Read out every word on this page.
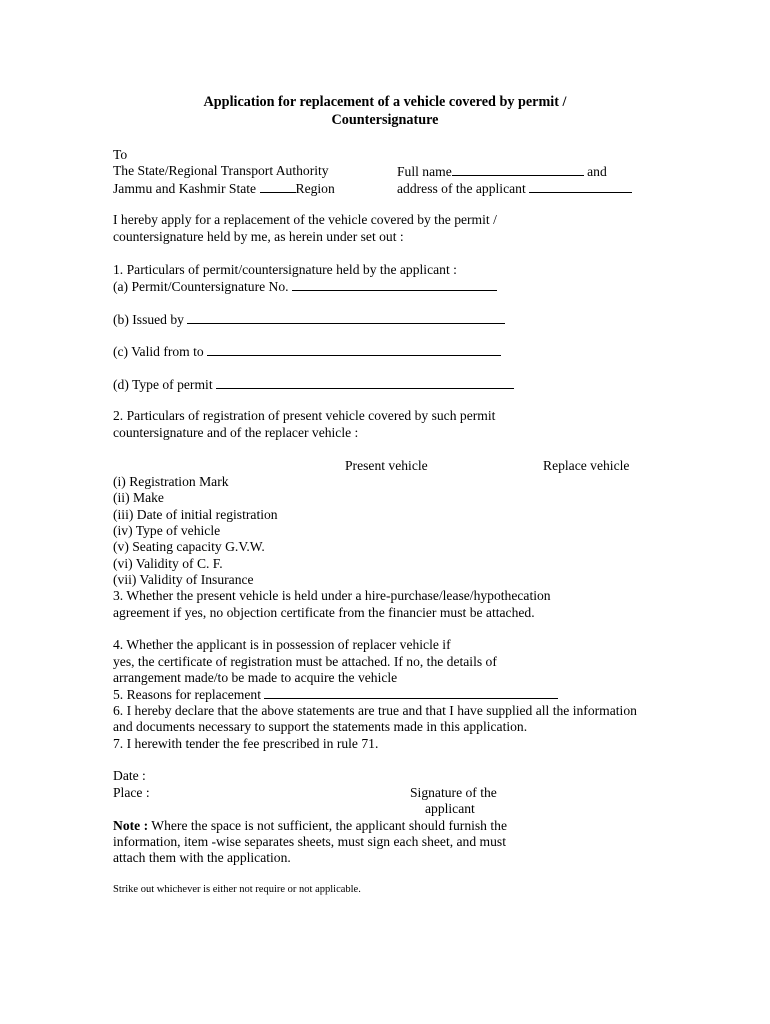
Application for replacement of a vehicle covered by permit /
Countersignature
To
The State/Regional Transport Authority
Jammu and Kashmir State	Region
Full name	and
address of the applicant
I hereby apply for a replacement of the vehicle covered by the permit /
countersignature held by me, as herein under set out :
1. Particulars of permit/countersignature held by the applicant :
(a) Permit/Countersignature No.
(b) Issued by
(c) Valid from to
(d) Type of permit
2. Particulars of registration of present vehicle covered by such permit
countersignature and of the replacer vehicle :
Present vehicle	Replace vehicle
(i) Registration Mark
(ii) Make
(iii) Date of initial registration
(iv) Type of vehicle
(v) Seating capacity G.V.W.
(vi) Validity of C. F.
(vii) Validity of Insurance
3. Whether the present vehicle is held under a hire-purchase/lease/hypothecation
agreement if yes, no objection certificate from the financier must be attached.
4. Whether the applicant is in possession of replacer vehicle if
yes, the certificate of registration must be attached. If no, the details of
arrangement made/to be made to acquire the vehicle
5. Reasons for replacement
6. I hereby declare that the above statements are true and that I have supplied all the information
and documents necessary to support the statements made in this application.
7. I herewith tender the fee prescribed in rule 71.
Date :
Place :	Signature of the
applicant
Note : Where the space is not sufficient, the applicant should furnish the
information, item -wise separates sheets, must sign each sheet, and must
attach them with the application.
Strike out whichever is either not require or not applicable.
